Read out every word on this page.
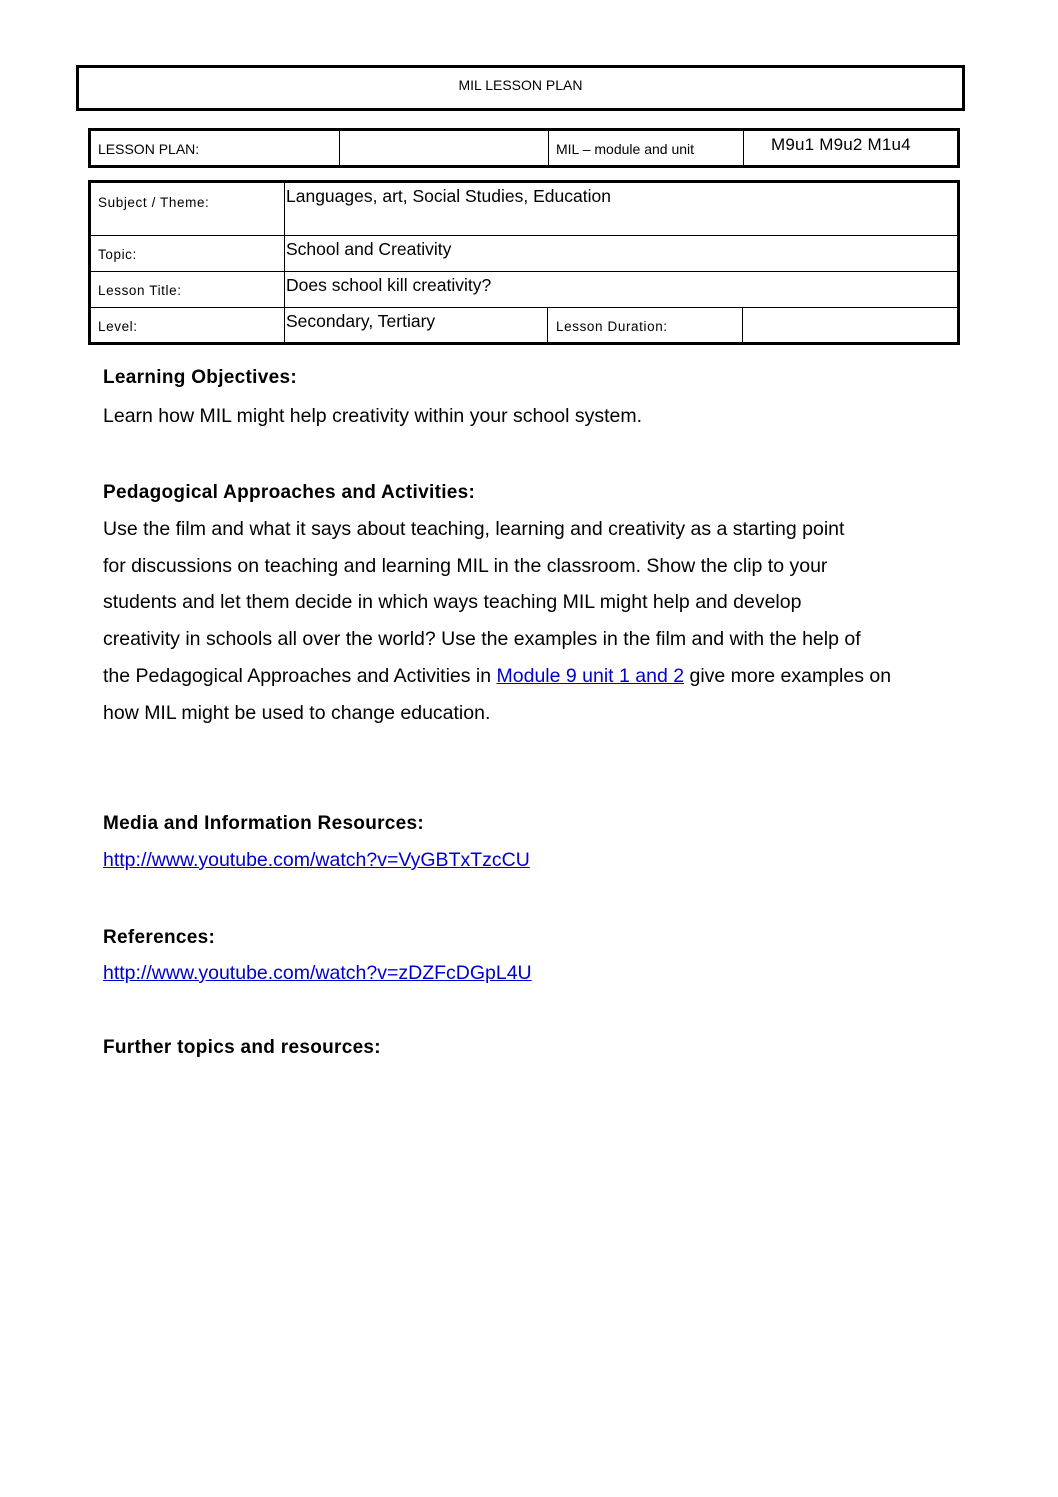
MIL LESSON PLAN
LESSON PLAN:	MIL – module and unit	M9u1 M9u2 M1u4
Subject / Theme:	Languages, art, Social Studies, Education
Topic:	School and Creativity
Lesson Title:	Does school kill creativity?
Level:	Secondary, Tertiary	Lesson Duration:
Learning Objectives:
Learn how MIL might help creativity within your school system.
Pedagogical Approaches and Activities:
Use the film and what it says about teaching, learning and creativity as a starting point
for discussions on teaching and learning MIL in the classroom. Show the clip to your
students and let them decide in which ways teaching MIL might help and develop
creativity in schools all over the world? Use the examples in the film and with the help of
the Pedagogical Approaches and Activities in Module 9 unit 1 and 2 give more examples on
how MIL might be used to change education.
Media and Information Resources:
http://www.youtube.com/watch?v=VyGBTxTzcCU
References:
http://www.youtube.com/watch?v=zDZFcDGpL4U
Further topics and resources:
